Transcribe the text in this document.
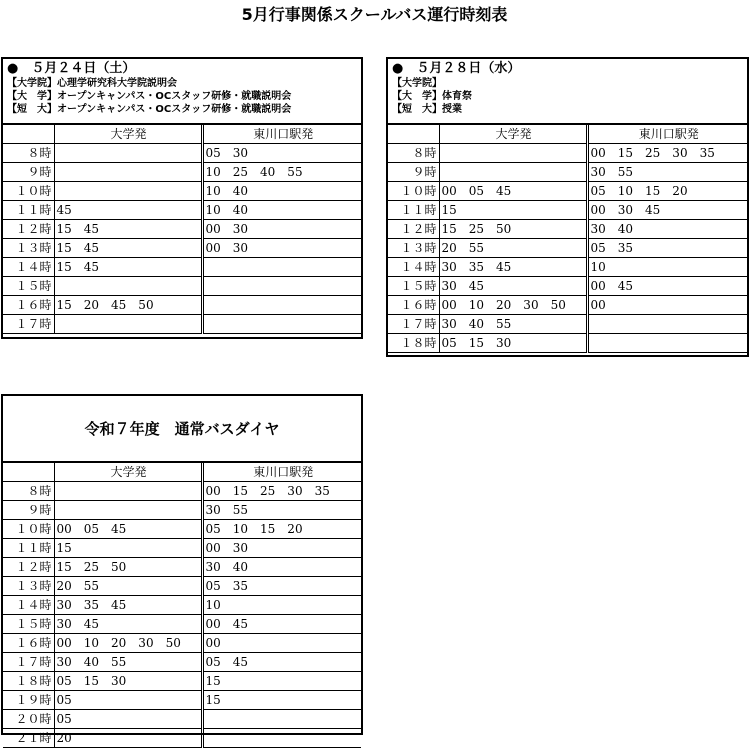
5月行事関係スクールバス運行時刻表
●　５月２４日（土）
【大学院】心理学研究科大学院説明会
【大　学】オープンキャンパス・OCスタッフ研修・就職説明会
【短　大】オープンキャンパス・OCスタッフ研修・就職説明会
	大学発	東川口駅発
８時		05　30
９時		10　25　40　55
１０時		10　40
１１時	45	10　40
１２時	15　45	00　30
１３時	15　45	00　30
１４時	15　45	
１５時		
１６時	15　20　45　50	
１７時		
●　５月２８日（水）
【大学院】
【大　学】体育祭
【短　大】授業
	大学発	東川口駅発
８時		00　15　25　30　35
９時		30　55
１０時	00　05　45	05　10　15　20
１１時	15	00　30　45
１２時	15　25　50	30　40
１３時	20　55	05　35
１４時	30　35　45	10
１５時	30　45	00　45
１６時	00　10　20　30　50	00
１７時	30　40　55	
１８時	05　15　30	
令和７年度　通常バスダイヤ
	大学発	東川口駅発
８時		00　15　25　30　35
９時		30　55
１０時	00　05　45	05　10　15　20
１１時	15	00　30
１２時	15　25　50	30　40
１３時	20　55	05　35
１４時	30　35　45	10
１５時	30　45	00　45
１６時	00　10　20　30　50	00
１７時	30　40　55	05　45
１８時	05　15　30	15
１９時	05	15
２０時	05	
２１時	20	
